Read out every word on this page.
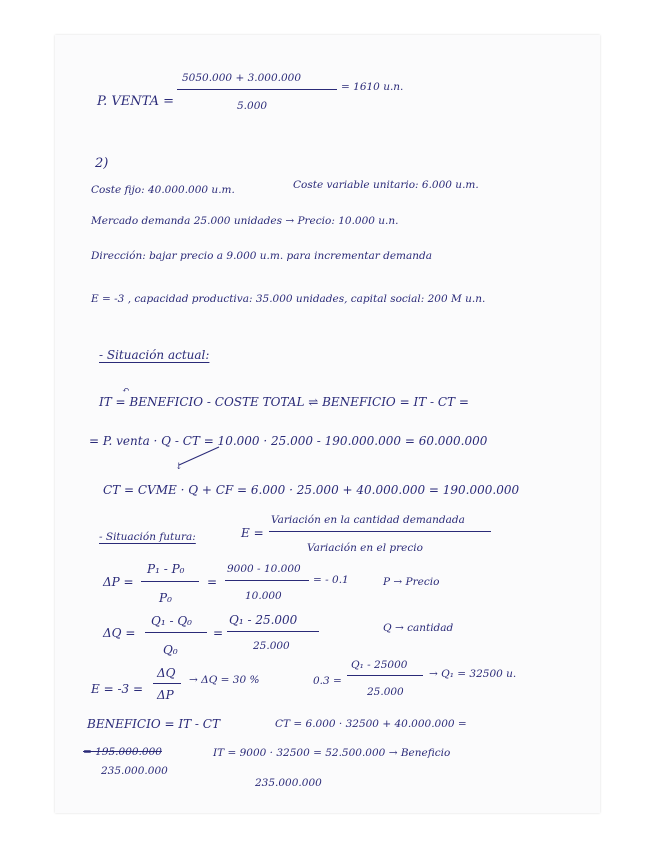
P. VENTA =
5050.000 + 3.000.000
5.000
= 1610 u.n.
2)
Coste fijo: 40.000.000 u.m.	Coste variable unitario: 6.000 u.m.
Mercado demanda 25.000 unidades → Precio: 10.000 u.n.
Dirección: bajar precio a 9.000 u.m. para incrementar demanda
E = -3 , capacidad productiva: 35.000 unidades, capital social: 200 M u.n.
- Situación actual:
↶
IT = BENEFICIO - COSTE TOTAL ⇌ BENEFICIO = IT - CT =
= P. venta · Q - CT = 10.000 · 25.000 - 190.000.000 = 60.000.000
↓
CT = CVME · Q + CF = 6.000 · 25.000 + 40.000.000 = 190.000.000
- Situación futura:	E =
Variación en la cantidad demandada
Variación en el precio
ΔP =
P₁ - P₀
P₀
=
9000 - 10.000
10.000
= - 0.1	P → Precio
ΔQ =
Q₁ - Q₀
Q₀
=
Q₁ - 25.000
25.000
Q → cantidad
E = -3 =
ΔQ
ΔP
→ ΔQ = 30 %	0.3 =
Q₁ - 25000
25.000
→ Q₁ = 32500 u.
BENEFICIO = IT - CT	CT = 6.000 · 32500 + 40.000.000 =
= 195.000.000
235.000.000
IT = 9000 · 32500 = 52.500.000 → Beneficio
235.000.000
